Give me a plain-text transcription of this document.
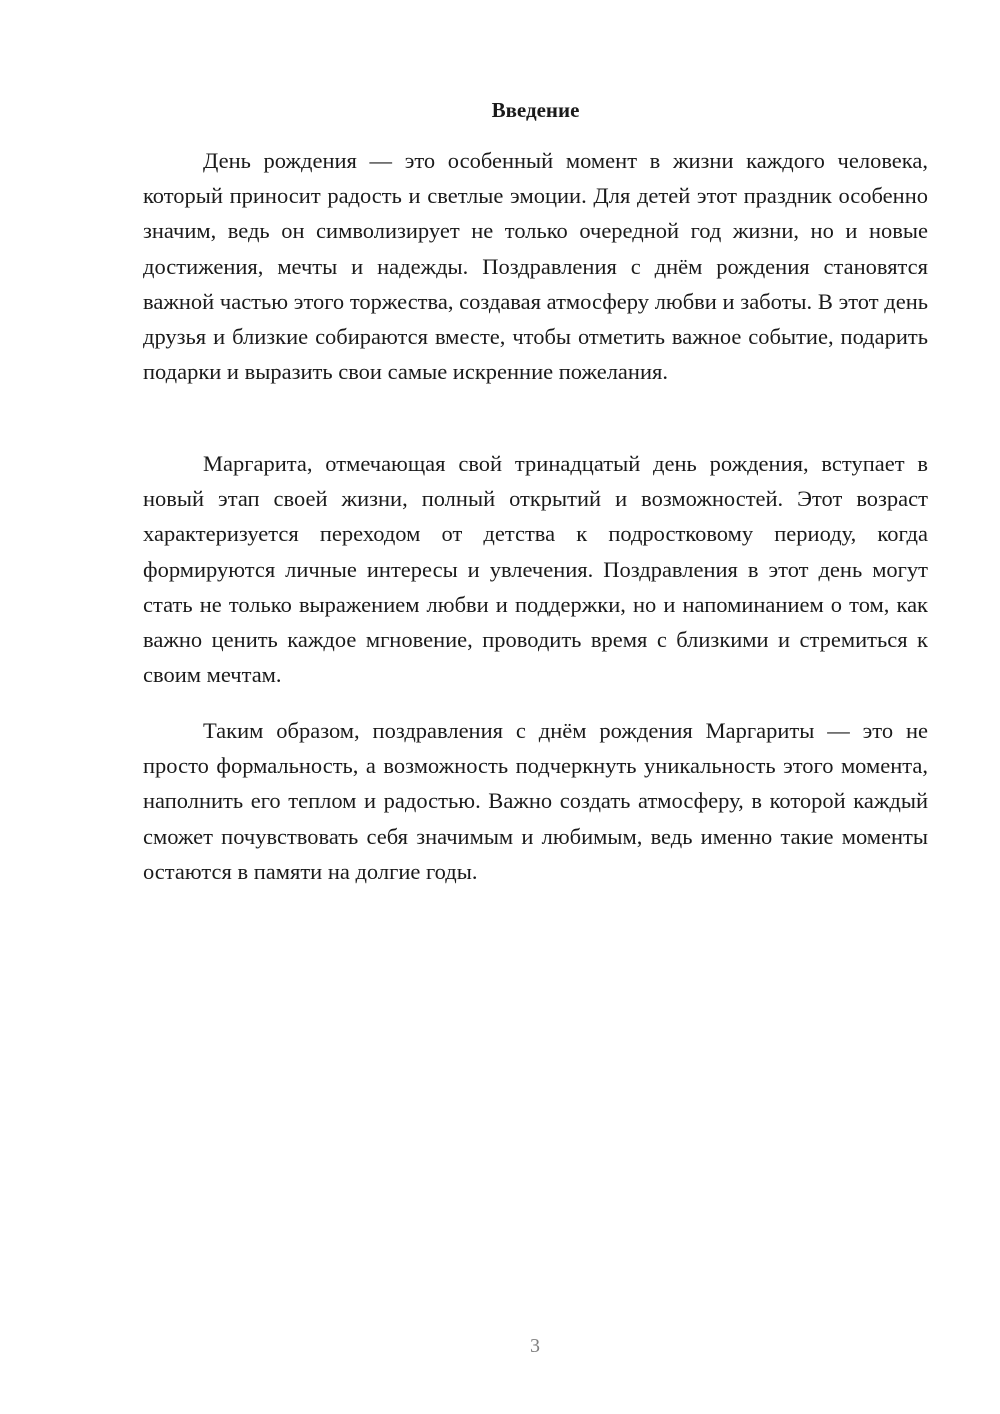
Введение

День рождения — это особенный момент в жизни каждого человека, который приносит радость и светлые эмоции. Для детей этот праздник особенно значим, ведь он символизирует не только очередной год жизни, но и новые достижения, мечты и надежды. Поздравления с днём рождения становятся важной частью этого торжества, создавая атмосферу любви и заботы. В этот день друзья и близкие собираются вместе, чтобы отметить важное событие, подарить подарки и выразить свои самые искренние пожелания.

Маргарита, отмечающая свой тринадцатый день рождения, вступает в новый этап своей жизни, полный открытий и возможностей. Этот возраст характеризуется переходом от детства к подростковому периоду, когда формируются личные интересы и увлечения. Поздравления в этот день могут стать не только выражением любви и поддержки, но и напоминанием о том, как важно ценить каждое мгновение, проводить время с близкими и стремиться к своим мечтам.

Таким образом, поздравления с днём рождения Маргариты — это не просто формальность, а возможность подчеркнуть уникальность этого момента, наполнить его теплом и радостью. Важно создать атмосферу, в которой каждый сможет почувствовать себя значимым и любимым, ведь именно такие моменты остаются в памяти на долгие годы.

3
